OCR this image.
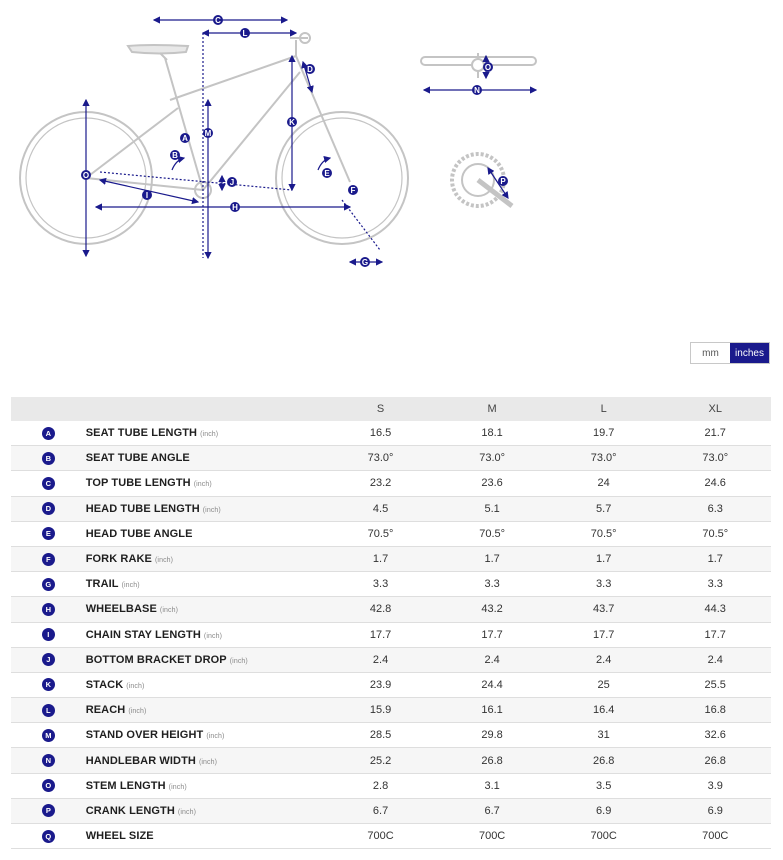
C
L
D
M
K
A
B
E
O
J
F
I
H
G
O
N
P
mm	inches
S	M	L	XL
A	SEAT TUBE LENGTH (inch)	16.5	18.1	19.7	21.7
B	SEAT TUBE ANGLE	73.0°	73.0°	73.0°	73.0°
C	TOP TUBE LENGTH (inch)	23.2	23.6	24	24.6
D	HEAD TUBE LENGTH (inch)	4.5	5.1	5.7	6.3
E	HEAD TUBE ANGLE	70.5°	70.5°	70.5°	70.5°
F	FORK RAKE (inch)	1.7	1.7	1.7	1.7
G	TRAIL (inch)	3.3	3.3	3.3	3.3
H	WHEELBASE (inch)	42.8	43.2	43.7	44.3
I	CHAIN STAY LENGTH (inch)	17.7	17.7	17.7	17.7
J	BOTTOM BRACKET DROP (inch)	2.4	2.4	2.4	2.4
K	STACK (inch)	23.9	24.4	25	25.5
L	REACH (inch)	15.9	16.1	16.4	16.8
M	STAND OVER HEIGHT (inch)	28.5	29.8	31	32.6
N	HANDLEBAR WIDTH (inch)	25.2	26.8	26.8	26.8
O	STEM LENGTH (inch)	2.8	3.1	3.5	3.9
P	CRANK LENGTH (inch)	6.7	6.7	6.9	6.9
Q	WHEEL SIZE	700C	700C	700C	700C
